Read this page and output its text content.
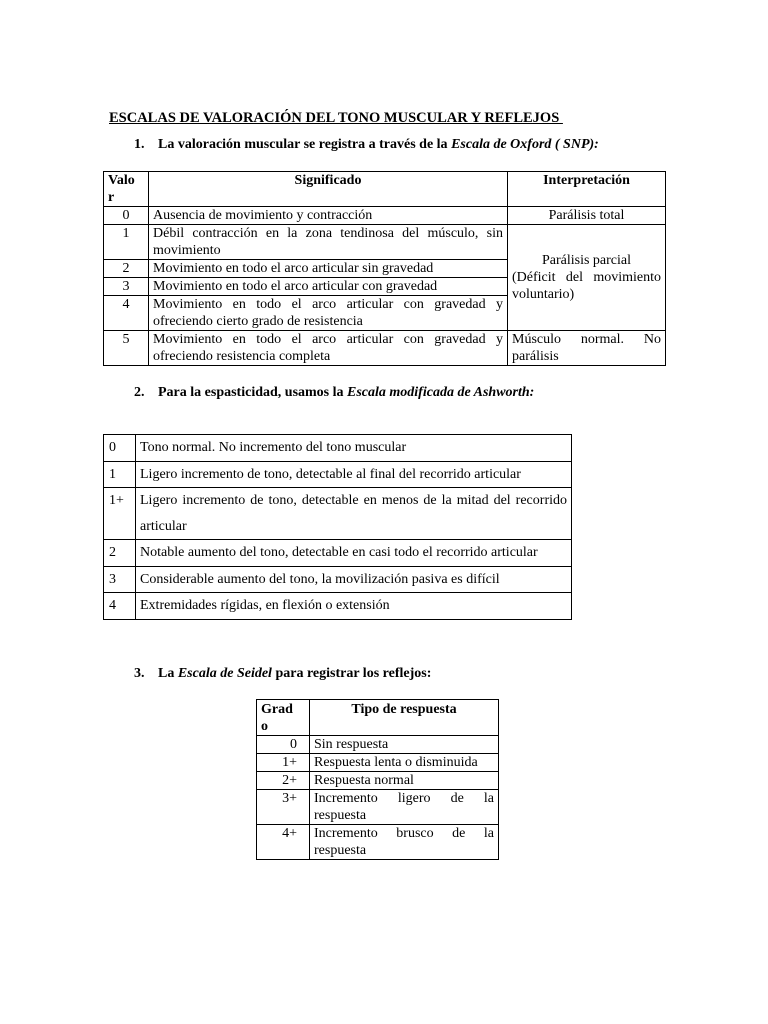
ESCALAS DE VALORACIÓN DEL TONO MUSCULAR Y REFLEJOS
1. La valoración muscular se registra a través de la Escala de Oxford ( SNP):
Valo
r	Significado	Interpretación
0	Ausencia de movimiento y contracción	Parálisis total
1	Débil contracción en la zona tendinosa del músculo, sin movimiento	Parálisis parcial
(Déficit del movimiento
voluntario)
2	Movimiento en todo el arco articular sin gravedad	
3	Movimiento en todo el arco articular con gravedad	
4	Movimiento en todo el arco articular con gravedad y ofreciendo cierto grado de resistencia	
5	Movimiento en todo el arco articular con gravedad y ofreciendo resistencia completa	Músculo normal. No
parálisis
2. Para la espasticidad, usamos la Escala modificada de Ashworth:
0	Tono normal. No incremento del tono muscular
1	Ligero incremento de tono, detectable al final del recorrido articular
1+	Ligero incremento de tono, detectable en menos de la mitad del recorrido articular
2	Notable aumento del tono, detectable en casi todo el recorrido articular
3	Considerable aumento del tono, la movilización pasiva es difícil
4	Extremidades rígidas, en flexión o extensión
3. La Escala de Seidel para registrar los reflejos:
Grad
o	Tipo de respuesta
0	Sin respuesta
1+	Respuesta lenta o disminuida
2+	Respuesta normal
3+	Incremento ligero de la respuesta
4+	Incremento brusco de la respuesta
